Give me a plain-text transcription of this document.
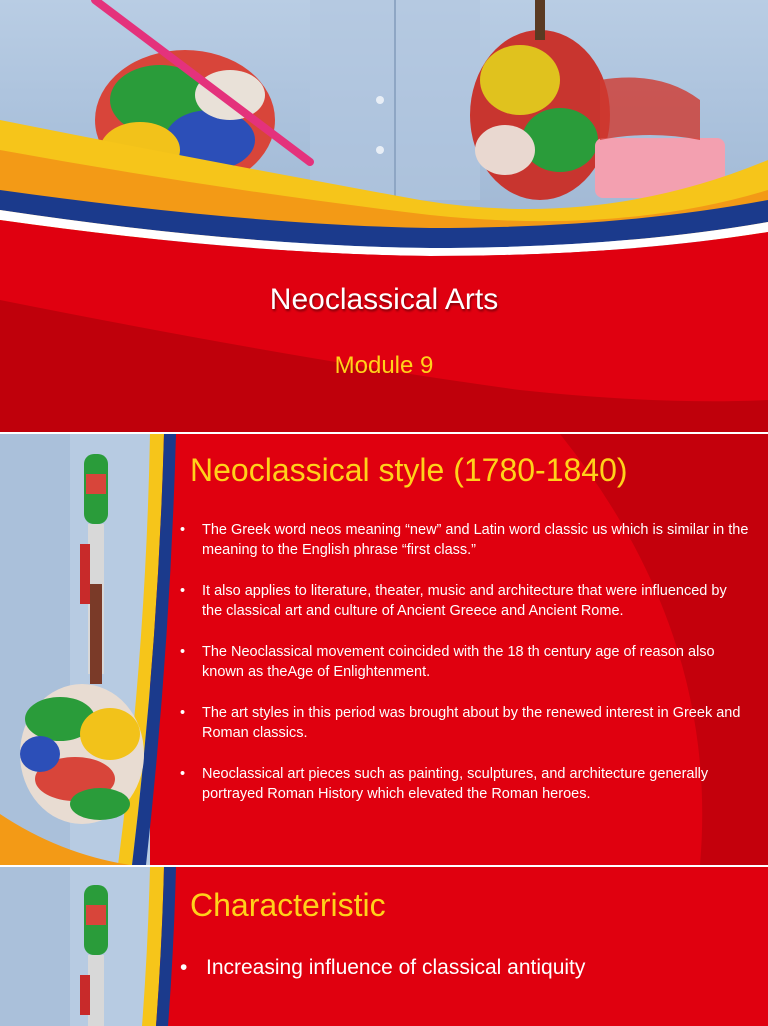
Neoclassical Arts
Module 9
Neoclassical style (1780-1840)
• The Greek word neos meaning “new” and Latin word classic us which is similar in the meaning to the English phrase “first class.”
• It also applies to literature, theater, music and architecture that were influenced by the classical art and culture of Ancient Greece and Ancient Rome.
• The Neoclassical movement coincided with the 18 th century age of reason also known as theAge of Enlightenment.
• The art styles in this period was brought about by the renewed interest in Greek and Roman classics.
• Neoclassical art pieces such as painting, sculptures, and architecture generally portrayed Roman History which elevated the Roman heroes.
Characteristic
• Increasing influence of classical antiquity
